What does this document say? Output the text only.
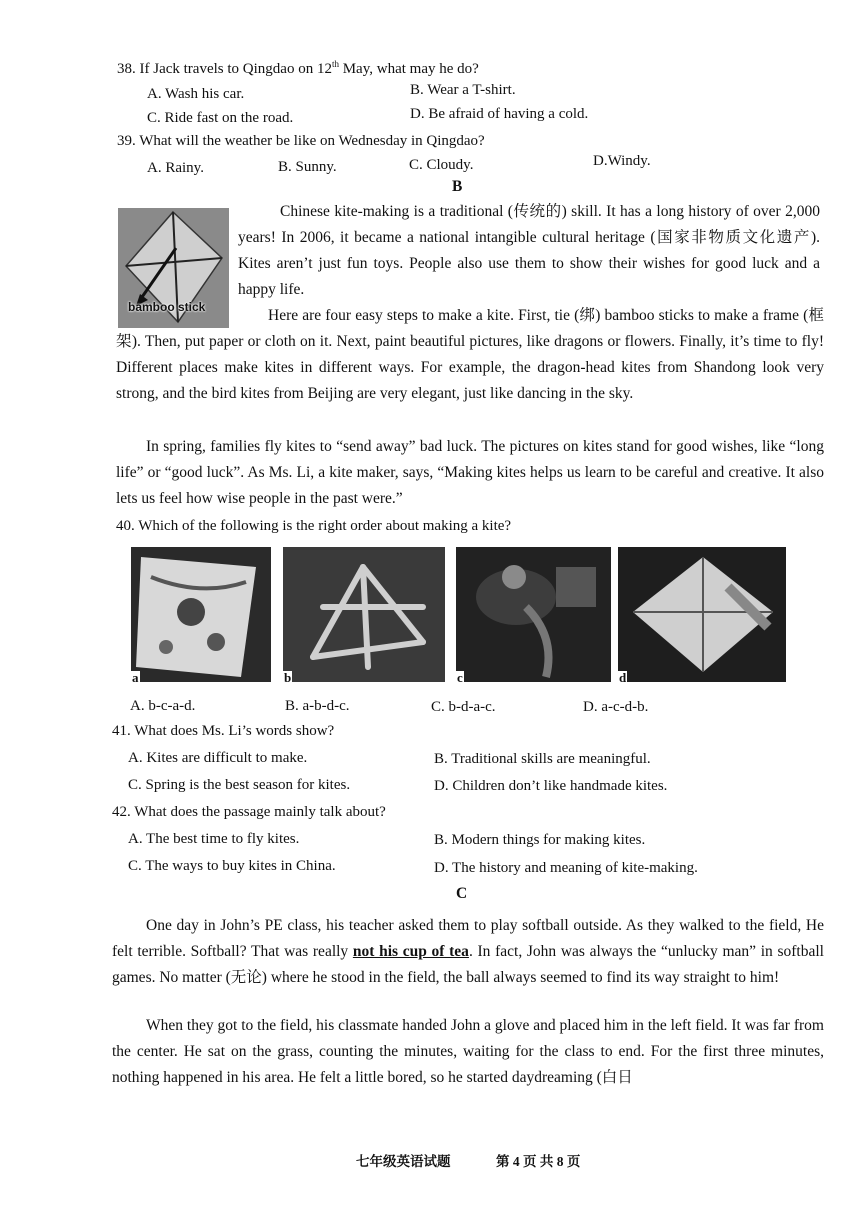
38. If Jack travels to Qingdao on 12th May, what may he do?
A. Wash his car.	B. Wear a T-shirt.
C. Ride fast on the road.	D. Be afraid of having a cold.
39. What will the weather be like on Wednesday in Qingdao?
A. Rainy.	B. Sunny.	C. Cloudy.	D.Windy.
B
bamboo stick
Chinese kite-making is a traditional (传统的) skill. It has a long history of over 2,000 years! In 2006, it became a national intangible cultural heritage (国家非物质文化遗产). Kites aren’t just fun toys. People also use them to show their wishes for good luck and a happy life.
Here are four easy steps to make a kite. First, tie (绑) bamboo sticks to make a frame (框架). Then, put paper or cloth on it. Next, paint beautiful pictures, like dragons or flowers. Finally, it’s time to fly! Different places make kites in different ways. For example, the dragon-head kites from Shandong look very strong, and the bird kites from Beijing are very elegant, just like dancing in the sky.
In spring, families fly kites to “send away” bad luck. The pictures on kites stand for good wishes, like “long life” or “good luck”. As Ms. Li, a kite maker, says, “Making kites helps us learn to be careful and creative. It also lets us feel how wise people in the past were.”
40. Which of the following is the right order about making a kite?
a	b	c	d
A. b-c-a-d.	B. a-b-d-c.	C. b-d-a-c.	D. a-c-d-b.
41. What does Ms. Li’s words show?
A. Kites are difficult to make.	B. Traditional skills are meaningful.
C. Spring is the best season for kites.	D. Children don’t like handmade kites.
42. What does the passage mainly talk about?
A. The best time to fly kites.	B. Modern things for making kites.
C. The ways to buy kites in China.	D. The history and meaning of kite-making.
C
One day in John’s PE class, his teacher asked them to play softball outside. As they walked to the field, He felt terrible. Softball? That was really not his cup of tea. In fact, John was always the “unlucky man” in softball games. No matter (无论) where he stood in the field, the ball always seemed to find its way straight to him!
When they got to the field, his classmate handed John a glove and placed him in the left field. It was far from the center. He sat on the grass, counting the minutes, waiting for the class to end. For the first three minutes, nothing happened in his area. He felt a little bored, so he started daydreaming (白日
七年级英语试题	第 4 页 共 8 页
